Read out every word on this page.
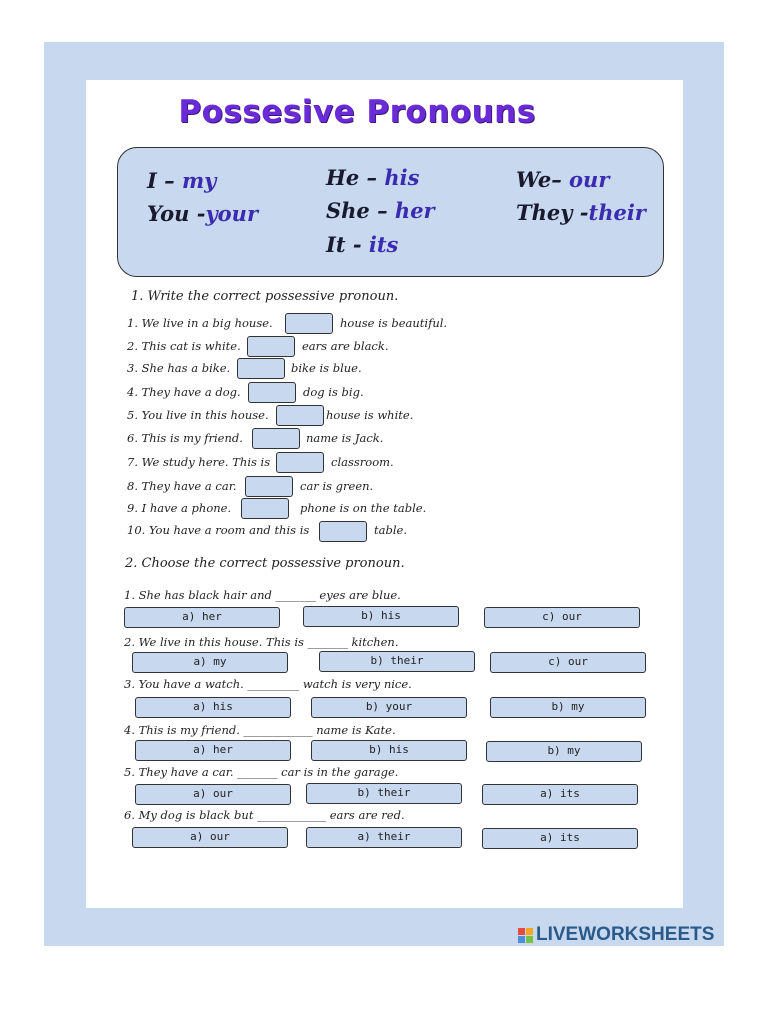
Possesive Pronouns
I – my
You -your
He – his
She – her
It - its
We– our
They -their
1. Write the correct possessive pronoun.
1. We live in a big house.	house is beautiful.
2. This cat is white.	ears are black.
3. She has a bike.	bike is blue.
4. They have a dog.	dog is big.
5. You live in this house.	house is white.
6. This is my friend.	name is Jack.
7. We study here. This is	classroom.
8. They have a car.	car is green.
9. I have a phone.	phone is on the table.
10. You have a room and this is	table.
2. Choose the correct possessive pronoun.
1. She has black hair and _______ eyes are blue.
a) her	b) his	c) our
2. We live in this house. This is _______ kitchen.
a) my	b) their	c) our
3. You have a watch. _________ watch is very nice.
a) his	b) your	b) my
4. This is my friend. ____________ name is Kate.
a) her	b) his	b) my
5. They have a car. _______ car is in the garage.
a) our	b) their	a) its
6. My dog is black but ____________ ears are red.
a) our	a) their	a) its
LIVEWORKSHEETS
